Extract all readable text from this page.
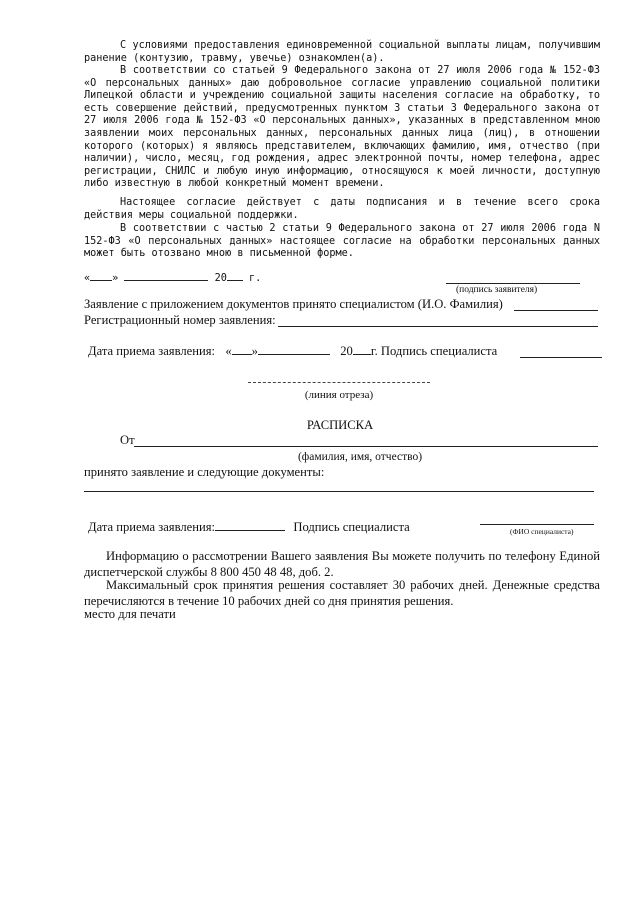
С условиями предоставления единовременной социальной выплаты лицам, получившим ранение (контузию, травму, увечье) ознакомлен(а).
В соответствии со статьей 9 Федерального закона от 27 июля 2006 года № 152-ФЗ «О персональных данных» даю добровольное согласие управлению социальной политики Липецкой области и учреждению социальной защиты населения согласие на обработку, то есть совершение действий, предусмотренных пунктом 3 статьи 3 Федерального закона от 27 июля 2006 года № 152-ФЗ «О персональных данных», указанных в представленном мною заявлении моих персональных данных, персональных данных лица (лиц), в отношении которого (которых) я являюсь представителем, включающих фамилию, имя, отчество (при наличии), число, месяц, год рождения, адрес электронной почты, номер телефона, адрес регистрации, СНИЛС и любую иную информацию, относящуюся к моей личности, доступную либо известную в любой конкретный момент времени.
Настоящее согласие действует с даты подписания и в течение всего срока действия меры социальной поддержки.
В соответствии с частью 2 статьи 9 Федерального закона от 27 июля 2006 года N 152-ФЗ «О персональных данных» настоящее согласие на обработки персональных данных может быть отозвано мною в письменной форме.
« »	20 г.
(подпись заявителя)
Заявление с приложением документов принято специалистом (И.О. Фамилия)
Регистрационный номер заявления:
Дата приема заявления: « »	20 г. Подпись специалиста
(линия отреза)
РАСПИСКА
От
(фамилия, имя, отчество)
принято заявление и следующие документы:
Дата приема заявления:	Подпись специалиста	(ФИО специалиста)
Информацию о рассмотрении Вашего заявления Вы можете получить по телефону Единой диспетчерской службы 8 800 450 48 48, доб. 2.
Максимальный срок принятия решения составляет 30 рабочих дней. Денежные средства перечисляются в течение 10 рабочих дней со дня принятия решения.
место для печати
